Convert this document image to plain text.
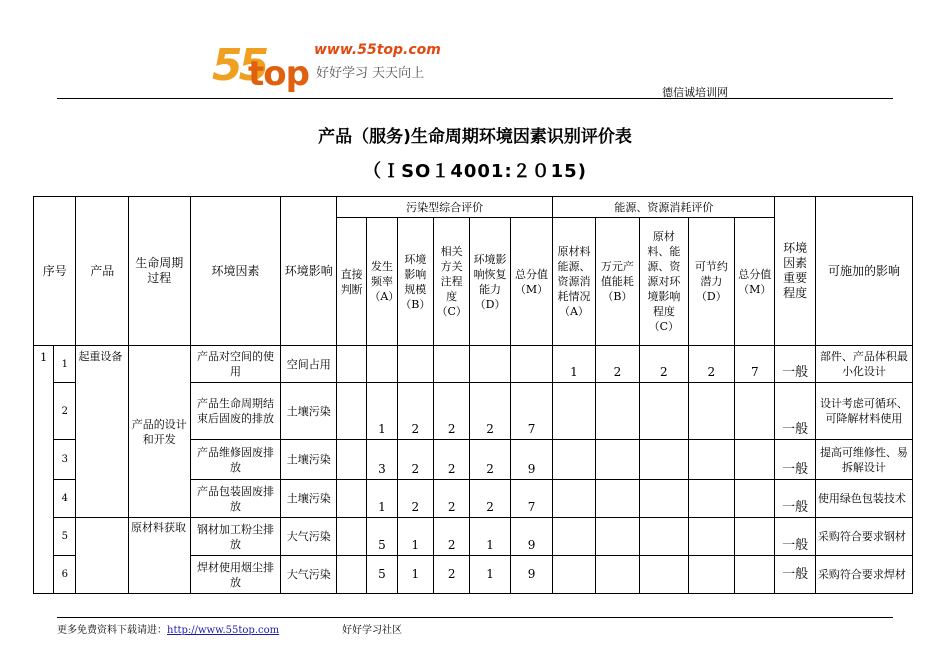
55
top
www.55top.com
好好学习 天天向上
德信诚培训网
产品（服务)生命周期环境因素识别评价表
（ＩSO１4001:２０15)
序号		产品	生命周期过程	环境因素	环境影响	污染型综合评价						能源、资源消耗评价					环境因素重要程度	可施加的影响
						直接判断	发生频率（A）	环境影响规模（B）	相关方关注程度（C）	环境影响恢复能力（D）	总分值（M）	原材料能源、资源消耗情况（A）	万元产值能耗（B）	原材料、能源、资源对环境影响程度（C）	可节约潜力（D）	总分值（M）		
1	1	起重设备	产品的设计和开发	产品对空间的使用	空间占用							1	2	2	2	7	一般	部件、产品体积最小化设计
	2			产品生命周期结束后固废的排放	土壤污染		1	2	2	2	7						一般	设计考虑可循环、可降解材料使用
	3			产品维修固废排放	土壤污染		3	2	2	2	9						一般	提高可维修性、易拆解设计
	4			产品包装固废排放	土壤污染		1	2	2	2	7						一般	使用绿色包装技术
	5		原材料获取	钢材加工粉尘排放	大气污染		5	1	2	1	9						一般	采购符合要求钢材
	6			焊材使用烟尘排放	大气污染		5	1	2	1	9						一般	采购符合要求焊材
更多免费资料下载请进：http://www.55top.com	好好学习社区
